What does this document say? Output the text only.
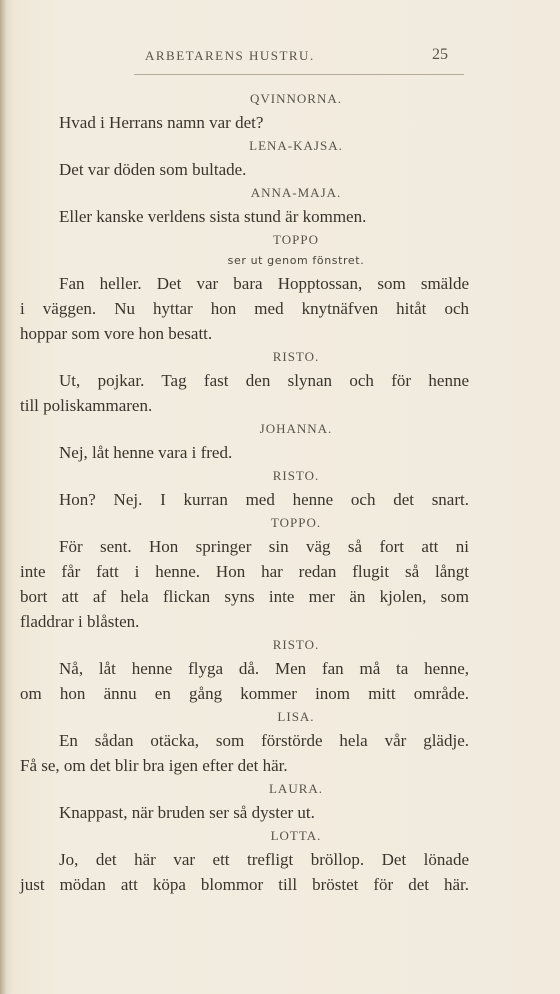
ARBETARENS HUSTRU.	25
QVINNORNA.
Hvad i Herrans namn var det?
LENA-KAJSA.
Det var döden som bultade.
ANNA-MAJA.
Eller kanske verldens sista stund är kommen.
TOPPO
ser ut genom fönstret.
Fan heller. Det var bara Hopptossan, som smälde
i väggen. Nu hyttar hon med knytnäfven hitåt och
hoppar som vore hon besatt.
RISTO.
Ut, pojkar. Tag fast den slynan och för henne
till poliskammaren.
JOHANNA.
Nej, låt henne vara i fred.
RISTO.
Hon? Nej. I kurran med henne och det snart.
TOPPO.
För sent. Hon springer sin väg så fort att ni
inte får fatt i henne. Hon har redan flugit så långt
bort att af hela flickan syns inte mer än kjolen, som
fladdrar i blåsten.
RISTO.
Nå, låt henne flyga då. Men fan må ta henne,
om hon ännu en gång kommer inom mitt område.
LISA.
En sådan otäcka, som förstörde hela vår glädje.
Få se, om det blir bra igen efter det här.
LAURA.
Knappast, när bruden ser så dyster ut.
LOTTA.
Jo, det här var ett trefligt bröllop. Det lönade
just mödan att köpa blommor till bröstet för det här.
